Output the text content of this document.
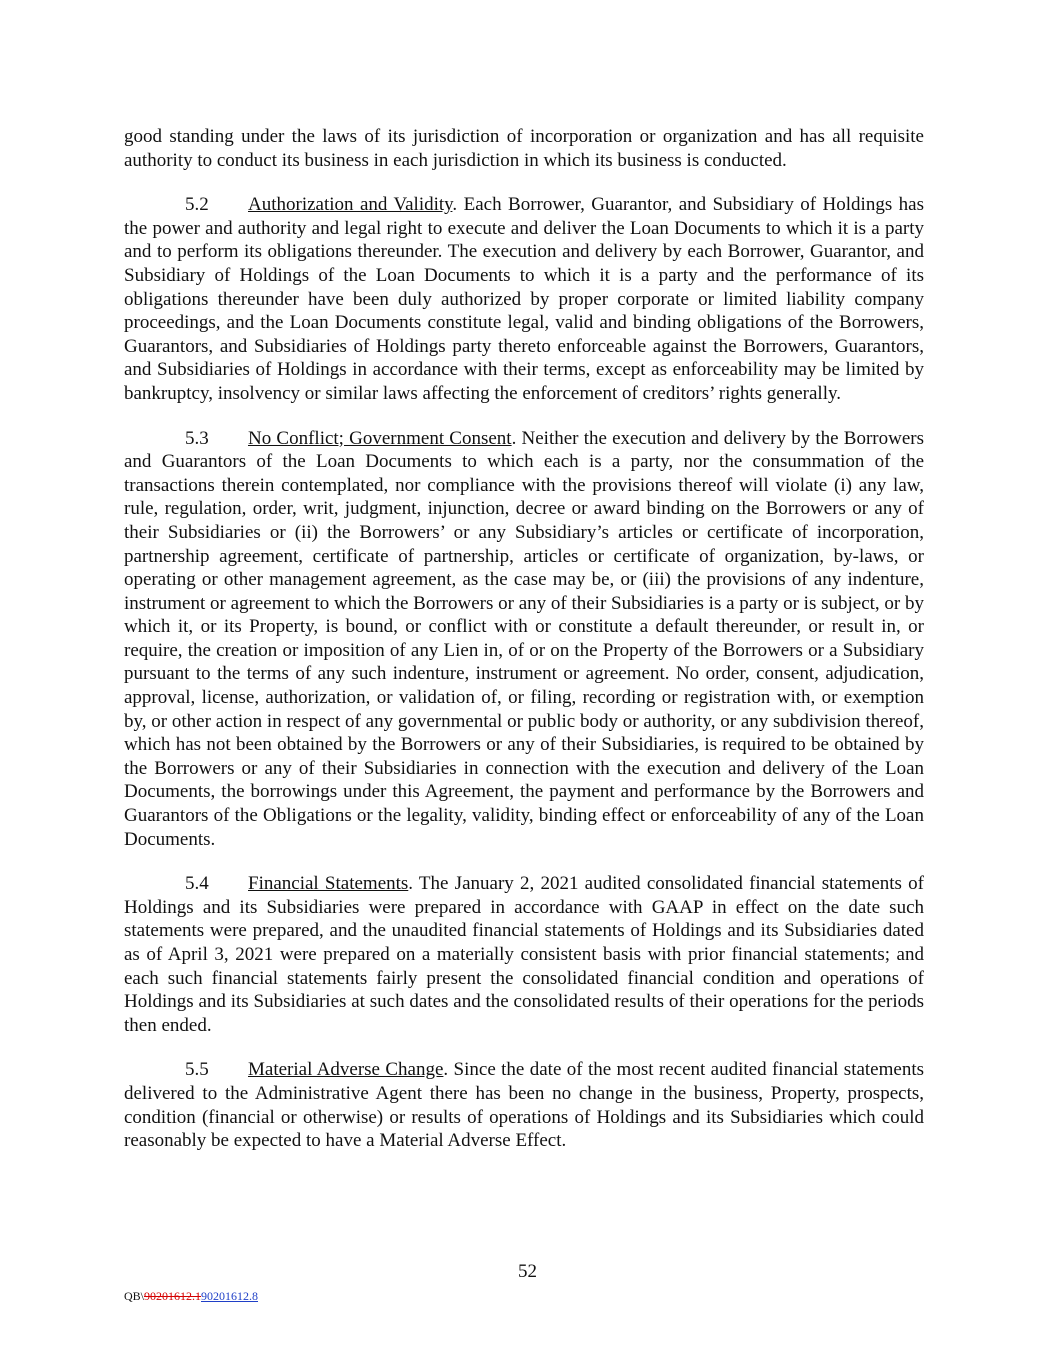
good standing under the laws of its jurisdiction of incorporation or organization and has all requisite authority to conduct its business in each jurisdiction in which its business is conducted.

5.2 Authorization and Validity. Each Borrower, Guarantor, and Subsidiary of Holdings has the power and authority and legal right to execute and deliver the Loan Documents to which it is a party and to perform its obligations thereunder. The execution and delivery by each Borrower, Guarantor, and Subsidiary of Holdings of the Loan Documents to which it is a party and the performance of its obligations thereunder have been duly authorized by proper corporate or limited liability company proceedings, and the Loan Documents constitute legal, valid and binding obligations of the Borrowers, Guarantors, and Subsidiaries of Holdings party thereto enforceable against the Borrowers, Guarantors, and Subsidiaries of Holdings in accordance with their terms, except as enforceability may be limited by bankruptcy, insolvency or similar laws affecting the enforcement of creditors’ rights generally.

5.3 No Conflict; Government Consent. Neither the execution and delivery by the Borrowers and Guarantors of the Loan Documents to which each is a party, nor the consummation of the transactions therein contemplated, nor compliance with the provisions thereof will violate (i) any law, rule, regulation, order, writ, judgment, injunction, decree or award binding on the Borrowers or any of their Subsidiaries or (ii) the Borrowers’ or any Subsidiary’s articles or certificate of incorporation, partnership agreement, certificate of partnership, articles or certificate of organization, by-laws, or operating or other management agreement, as the case may be, or (iii) the provisions of any indenture, instrument or agreement to which the Borrowers or any of their Subsidiaries is a party or is subject, or by which it, or its Property, is bound, or conflict with or constitute a default thereunder, or result in, or require, the creation or imposition of any Lien in, of or on the Property of the Borrowers or a Subsidiary pursuant to the terms of any such indenture, instrument or agreement. No order, consent, adjudication, approval, license, authorization, or validation of, or filing, recording or registration with, or exemption by, or other action in respect of any governmental or public body or authority, or any subdivision thereof, which has not been obtained by the Borrowers or any of their Subsidiaries, is required to be obtained by the Borrowers or any of their Subsidiaries in connection with the execution and delivery of the Loan Documents, the borrowings under this Agreement, the payment and performance by the Borrowers and Guarantors of the Obligations or the legality, validity, binding effect or enforceability of any of the Loan Documents.

5.4 Financial Statements. The January 2, 2021 audited consolidated financial statements of Holdings and its Subsidiaries were prepared in accordance with GAAP in effect on the date such statements were prepared, and the unaudited financial statements of Holdings and its Subsidiaries dated as of April 3, 2021 were prepared on a materially consistent basis with prior financial statements; and each such financial statements fairly present the consolidated financial condition and operations of Holdings and its Subsidiaries at such dates and the consolidated results of their operations for the periods then ended.

5.5 Material Adverse Change. Since the date of the most recent audited financial statements delivered to the Administrative Agent there has been no change in the business, Property, prospects, condition (financial or otherwise) or results of operations of Holdings and its Subsidiaries which could reasonably be expected to have a Material Adverse Effect.

52
QB\90201612.190201612.8
